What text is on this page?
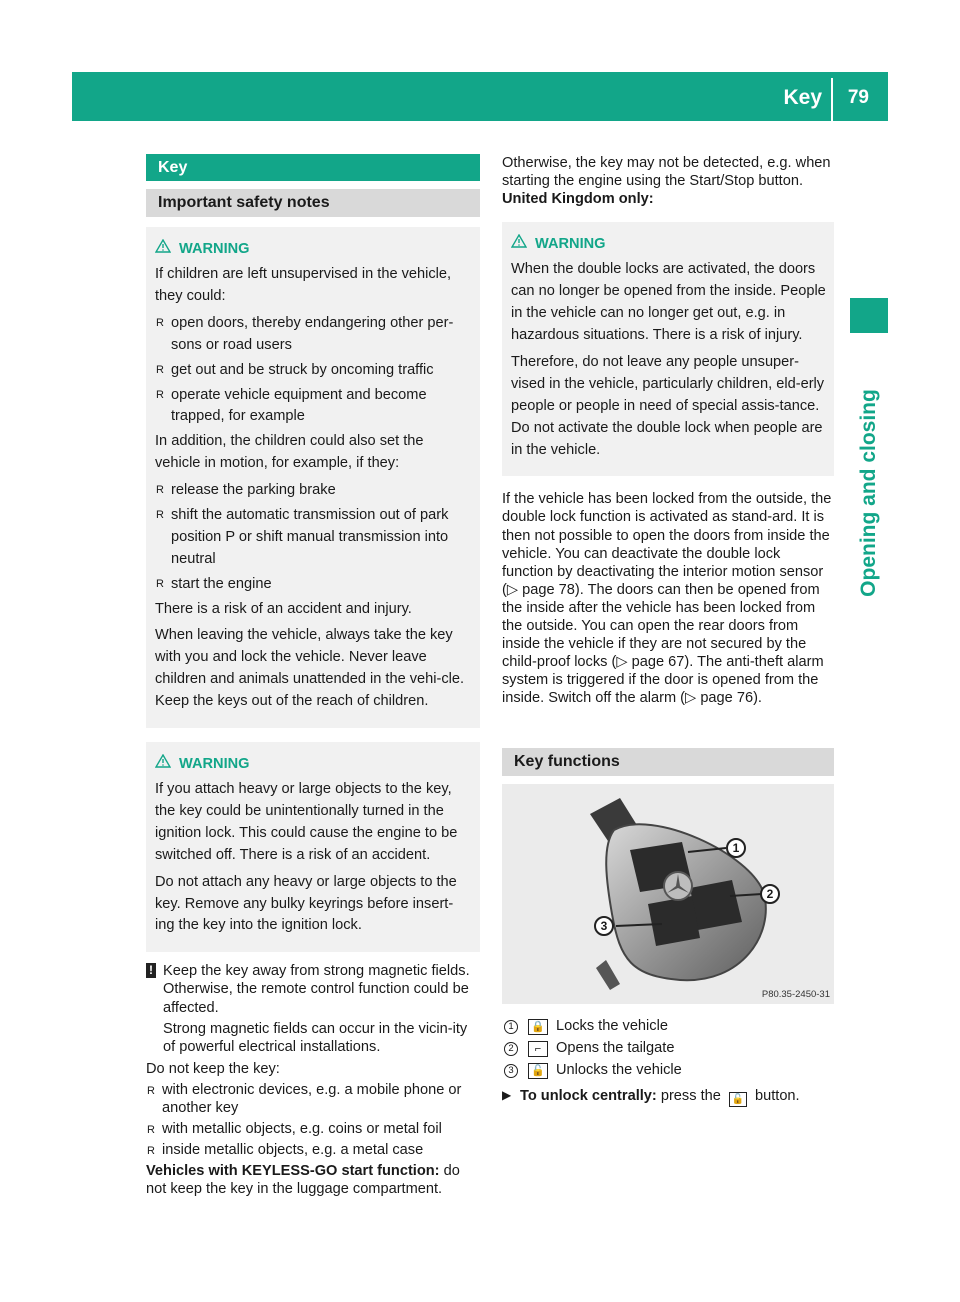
Key 79
Opening and closing
Key
Important safety notes
WARNING

If children are left unsupervised in the vehicle, they could:

R open doors, thereby endangering other per-sons or road users
R get out and be struck by oncoming traffic
R operate vehicle equipment and become trapped, for example

In addition, the children could also set the vehicle in motion, for example, if they:

R release the parking brake
R shift the automatic transmission out of park position P or shift manual transmission into neutral
R start the engine

There is a risk of an accident and injury.

When leaving the vehicle, always take the key with you and lock the vehicle. Never leave children and animals unattended in the vehi-cle. Keep the keys out of the reach of children.

WARNING

If you attach heavy or large objects to the key, the key could be unintentionally turned in the ignition lock. This could cause the engine to be switched off. There is a risk of an accident.

Do not attach any heavy or large objects to the key. Remove any bulky keyrings before insert-ing the key into the ignition lock.

! Keep the key away from strong magnetic fields. Otherwise, the remote control function could be affected.

Strong magnetic fields can occur in the vicin-ity of powerful electrical installations.

Do not keep the key:

R with electronic devices, e.g. a mobile phone or another key
R with metallic objects, e.g. coins or metal foil
R inside metallic objects, e.g. a metal case

Vehicles with KEYLESS-GO start function: do not keep the key in the luggage compartment.

Otherwise, the key may not be detected, e.g. when starting the engine using the Start/Stop button.

United Kingdom only:

WARNING

When the double locks are activated, the doors can no longer be opened from the inside. People in the vehicle can no longer get out, e.g. in hazardous situations. There is a risk of injury.

Therefore, do not leave any people unsuper-vised in the vehicle, particularly children, eld-erly people or people in need of special assis-tance. Do not activate the double lock when people are in the vehicle.

If the vehicle has been locked from the outside, the double lock function is activated as stand-ard. It is then not possible to open the doors from inside the vehicle. You can deactivate the double lock function by deactivating the interior motion sensor (▷ page 78). The doors can then be opened from the inside after the vehicle has been locked from the outside. You can open the rear doors from inside the vehicle if they are not secured by the child-proof locks (▷ page 67). The anti-theft alarm system is triggered if the door is opened from the inside. Switch off the alarm (▷ page 76).

Key functions
1
2
3
P80.35-2450-31
1	🔒 Locks the vehicle
2	⌐	Opens the tailgate
3	🔓 Unlocks the vehicle
▶ To unlock centrally: press the 🔓 button.
